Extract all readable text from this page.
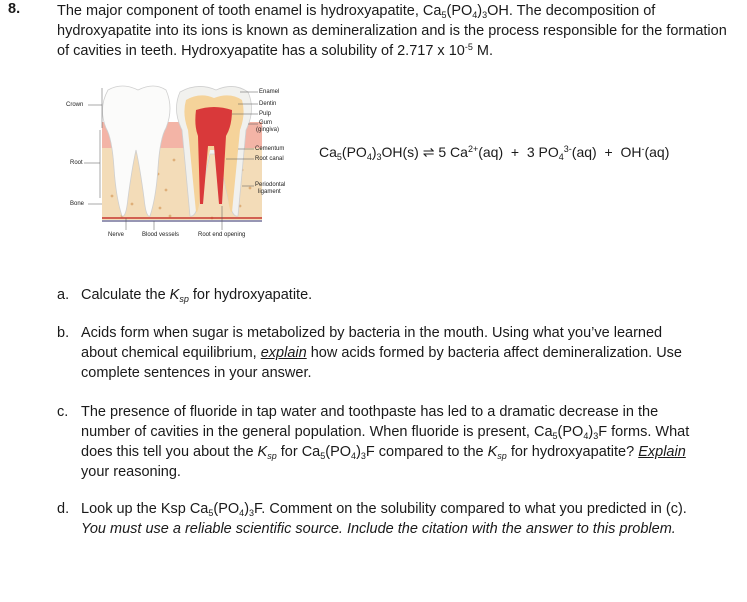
8.	The major component of tooth enamel is hydroxyapatite, $Ca_5(PO_4)_3OH$. The decomposition of hydroxyapatite into its ions is known as demineralization and is the process responsible for the formation of cavities in teeth. Hydroxyapatite has a solubility of 2.717 x $10^{-5}$ M.
Crown
Root
Bone
Enamel
Dentin
Pulp
Gum
(gingiva)
Cementum
Root canal
Periodontal
ligament
Nerve	Blood vessels	Root end opening
$Ca_5(PO_4)_3OH(s)$ ⇌ 5 $Ca^{2+}(aq) + 3$ $PO_4^{3-}(aq) + OH^-(aq)$
a. Calculate the $K_{sp}$ for hydroxyapatite.
b. Acids form when sugar is metabolized by bacteria in the mouth. Using what you’ve learned about chemical equilibrium, explain how acids formed by bacteria affect demineralization. Use complete sentences in your answer.
c. The presence of fluoride in tap water and toothpaste has led to a dramatic decrease in the number of cavities in the general population. When fluoride is present, $Ca_5(PO_4)_3F$ forms. What does this tell you about the $K_{sp}$ for $Ca_5(PO_4)_3F$ compared to the $K_{sp}$ for hydroxyapatite? Explain your reasoning.
d. Look up the Ksp $Ca_5(PO_4)_3F$. Comment on the solubility compared to what you predicted in (c). You must use a reliable scientific source. Include the citation with the answer to this problem.
